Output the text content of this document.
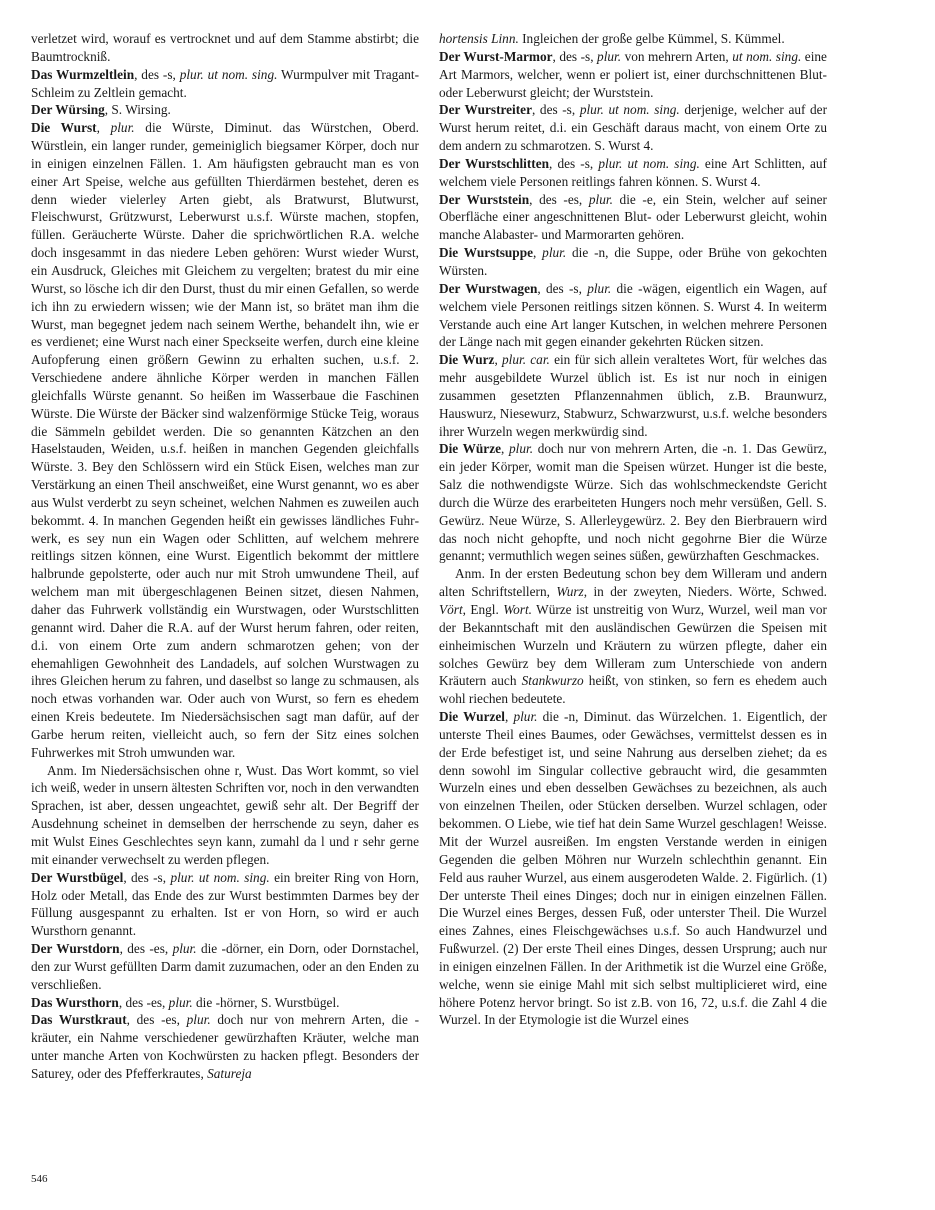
verletzet wird, worauf es vertrocknet und auf dem Stamme abstirbt; die Baumtrockniß.

Das Wurmzeltlein, des -s, plur. ut nom. sing. Wurmpulver mit Tragant-Schleim zu Zeltlein gemacht.

Der Würsing, S. Wirsing.

Die Wurst, plur. die Würste, Diminut. das Würstchen, Oberd. Würstlein, ein langer runder, gemeiniglich biegsamer Körper, doch nur in einigen einzelnen Fällen. 1. Am häufigsten gebraucht man es von einer Art Speise, welche aus gefüllten Thierdärmen bestehet, deren es denn wieder vielerley Arten giebt, als Bratwurst, Blutwurst, Fleischwurst, Grützwurst, Leberwurst u.s.f. Würste machen, stopfen, füllen. Geräucherte Würste. Daher die sprichwörtlichen R.A. welche doch insgesammt in das niedere Leben gehören: Wurst wieder Wurst, ein Ausdruck, Gleiches mit Gleichem zu vergelten; bratest du mir eine Wurst, so lösche ich dir den Durst, thust du mir einen Gefallen, so werde ich ihn zu erwiedern wissen; wie der Mann ist, so brätet man ihm die Wurst, man begegnet jedem nach seinem Werthe, behandelt ihn, wie er es verdienet; eine Wurst nach einer Speckseite werfen, durch eine kleine Aufopferung einen größern Gewinn zu erhalten suchen, u.s.f. 2. Verschiedene andere ähnliche Körper werden in manchen Fällen gleichfalls Würste genannt. So heißen im Wasserbaue die Faschinen Würste. Die Würste der Bäcker sind walzenförmige Stücke Teig, woraus die Sämmeln gebildet werden. Die so genannten Kätzchen an den Haselstauden, Weiden, u.s.f. heißen in manchen Gegenden gleichfalls Würste. 3. Bey den Schlössern wird ein Stück Eisen, welches man zur Verstärkung an einen Theil anschweißet, eine Wurst genannt, wo es aber aus Wulst verderbt zu seyn scheinet, welchen Nahmen es zuweilen auch bekommt. 4. In manchen Gegenden heißt ein gewisses ländliches Fuhrwerk, es sey nun ein Wagen oder Schlitten, auf welchem mehrere reitlings sitzen können, eine Wurst. Eigentlich bekommt der mittlere halbrunde gepolsterte, oder auch nur mit Stroh umwundene Theil, auf welchem man mit übergeschlagenen Beinen sitzet, diesen Nahmen, daher das Fuhrwerk vollständig ein Wurstwagen, oder Wurstschlitten genannt wird. Daher die R.A. auf der Wurst herum fahren, oder reiten, d.i. von einem Orte zum andern schmarotzen gehen; von der ehemahligen Gewohnheit des Landadels, auf solchen Wurstwagen zu ihres Gleichen herum zu fahren, und daselbst so lange zu schmausen, als noch etwas vorhanden war. Oder auch von Wurst, so fern es ehedem einen Kreis bedeutete. Im Niedersächsischen sagt man dafür, auf der Garbe herum reiten, vielleicht auch, so fern der Sitz eines solchen Fuhrwerkes mit Stroh umwunden war.

Anm. Im Niedersächsischen ohne r, Wust. Das Wort kommt, so viel ich weiß, weder in unsern ältesten Schriften vor, noch in den verwandten Sprachen, ist aber, dessen ungeachtet, gewiß sehr alt. Der Begriff der Ausdehnung scheinet in demselben der herrschende zu seyn, daher es mit Wulst Eines Geschlechtes seyn kann, zumahl da l und r sehr gerne mit einander verwechselt zu werden pflegen.

Der Wurstbügel, des -s, plur. ut nom. sing. ein breiter Ring von Horn, Holz oder Metall, das Ende des zur Wurst bestimmten Darmes bey der Füllung ausgespannt zu erhalten. Ist er von Horn, so wird er auch Wursthorn genannt.

Der Wurstdorn, des -es, plur. die -dörner, ein Dorn, oder Dornstachel, den zur Wurst gefüllten Darm damit zuzumachen, oder an den Enden zu verschließen.

Das Wursthorn, des -es, plur. die -hörner, S. Wurstbügel.

Das Wurstkraut, des -es, plur. doch nur von mehrern Arten, die -kräuter, ein Nahme verschiedener gewürzhaften Kräuter, welche man unter manche Arten von Kochwürsten zu hacken pflegt. Besonders der Saturey, oder des Pfefferkrautes, Satureja

hortensis Linn. Ingleichen der große gelbe Kümmel, S. Kümmel.

Der Wurst-Marmor, des -s, plur. von mehrern Arten, ut nom. sing. eine Art Marmors, welcher, wenn er poliert ist, einer durchschnittenen Blut- oder Leberwurst gleicht; der Wurststein.

Der Wurstreiter, des -s, plur. ut nom. sing. derjenige, welcher auf der Wurst herum reitet, d.i. ein Geschäft daraus macht, von einem Orte zu dem andern zu schmarotzen. S. Wurst 4.

Der Wurstschlitten, des -s, plur. ut nom. sing. eine Art Schlitten, auf welchem viele Personen reitlings fahren können. S. Wurst 4.

Der Wurststein, des -es, plur. die -e, ein Stein, welcher auf seiner Oberfläche einer angeschnittenen Blut- oder Leberwurst gleicht, wohin manche Alabaster- und Marmorarten gehören.

Die Wurstsuppe, plur. die -n, die Suppe, oder Brühe von gekochten Würsten.

Der Wurstwagen, des -s, plur. die -wägen, eigentlich ein Wagen, auf welchem viele Personen reitlings sitzen können. S. Wurst 4. In weiterm Verstande auch eine Art langer Kutschen, in welchen mehrere Personen der Länge nach mit gegen einander gekehrten Rücken sitzen.

Die Wurz, plur. car. ein für sich allein veraltetes Wort, für welches das mehr ausgebildete Wurzel üblich ist. Es ist nur noch in einigen zusammen gesetzten Pflanzennahmen üblich, z.B. Braunwurz, Hauswurz, Niesewurz, Stabwurz, Schwarzwurst, u.s.f. welche besonders ihrer Wurzeln wegen merkwürdig sind.

Die Würze, plur. doch nur von mehrern Arten, die -n. 1. Das Gewürz, ein jeder Körper, womit man die Speisen würzet. Hunger ist die beste, Salz die nothwendigste Würze. Sich das wohlschmeckendste Gericht durch die Würze des erarbeiteten Hungers noch mehr versüßen, Gell. S. Gewürz. Neue Würze, S. Allerleygewürz. 2. Bey den Bierbrauern wird das noch nicht gehopfte, und noch nicht gegohrne Bier die Würze genannt; vermuthlich wegen seines süßen, gewürzhaften Geschmackes.

Anm. In der ersten Bedeutung schon bey dem Willeram und andern alten Schriftstellern, Wurz, in der zweyten, Nieders. Wörte, Schwed. Vört, Engl. Wort. Würze ist unstreitig von Wurz, Wurzel, weil man vor der Bekanntschaft mit den ausländischen Gewürzen die Speisen mit einheimischen Wurzeln und Kräutern zu würzen pflegte, daher ein solches Gewürz bey dem Willeram zum Unterschiede von andern Kräutern auch Stankwurzo heißt, von stinken, so fern es ehedem auch wohl riechen bedeutete.

Die Wurzel, plur. die -n, Diminut. das Würzelchen. 1. Eigentlich, der unterste Theil eines Baumes, oder Gewächses, vermittelst dessen es in der Erde befestiget ist, und seine Nahrung aus derselben ziehet; da es denn sowohl im Singular collective gebraucht wird, die gesammten Wurzeln eines und eben desselben Gewächses zu bezeichnen, als auch von einzelnen Theilen, oder Stücken derselben. Wurzel schlagen, oder bekommen. O Liebe, wie tief hat dein Same Wurzel geschlagen! Weisse. Mit der Wurzel ausreißen. Im engsten Verstande werden in einigen Gegenden die gelben Möhren nur Wurzeln schlechthin genannt. Ein Feld aus rauher Wurzel, aus einem ausgerodeten Walde. 2. Figürlich. (1) Der unterste Theil eines Dinges; doch nur in einigen einzelnen Fällen. Die Wurzel eines Berges, dessen Fuß, oder unterster Theil. Die Wurzel eines Zahnes, eines Fleischgewächses u.s.f. So auch Handwurzel und Fußwurzel. (2) Der erste Theil eines Dinges, dessen Ursprung; auch nur in einigen einzelnen Fällen. In der Arithmetik ist die Wurzel eine Größe, welche, wenn sie einige Mahl mit sich selbst multiplicieret wird, eine höhere Potenz hervor bringt. So ist z.B. von 16, 72, u.s.f. die Zahl 4 die Wurzel. In der Etymologie ist die Wurzel eines

546
